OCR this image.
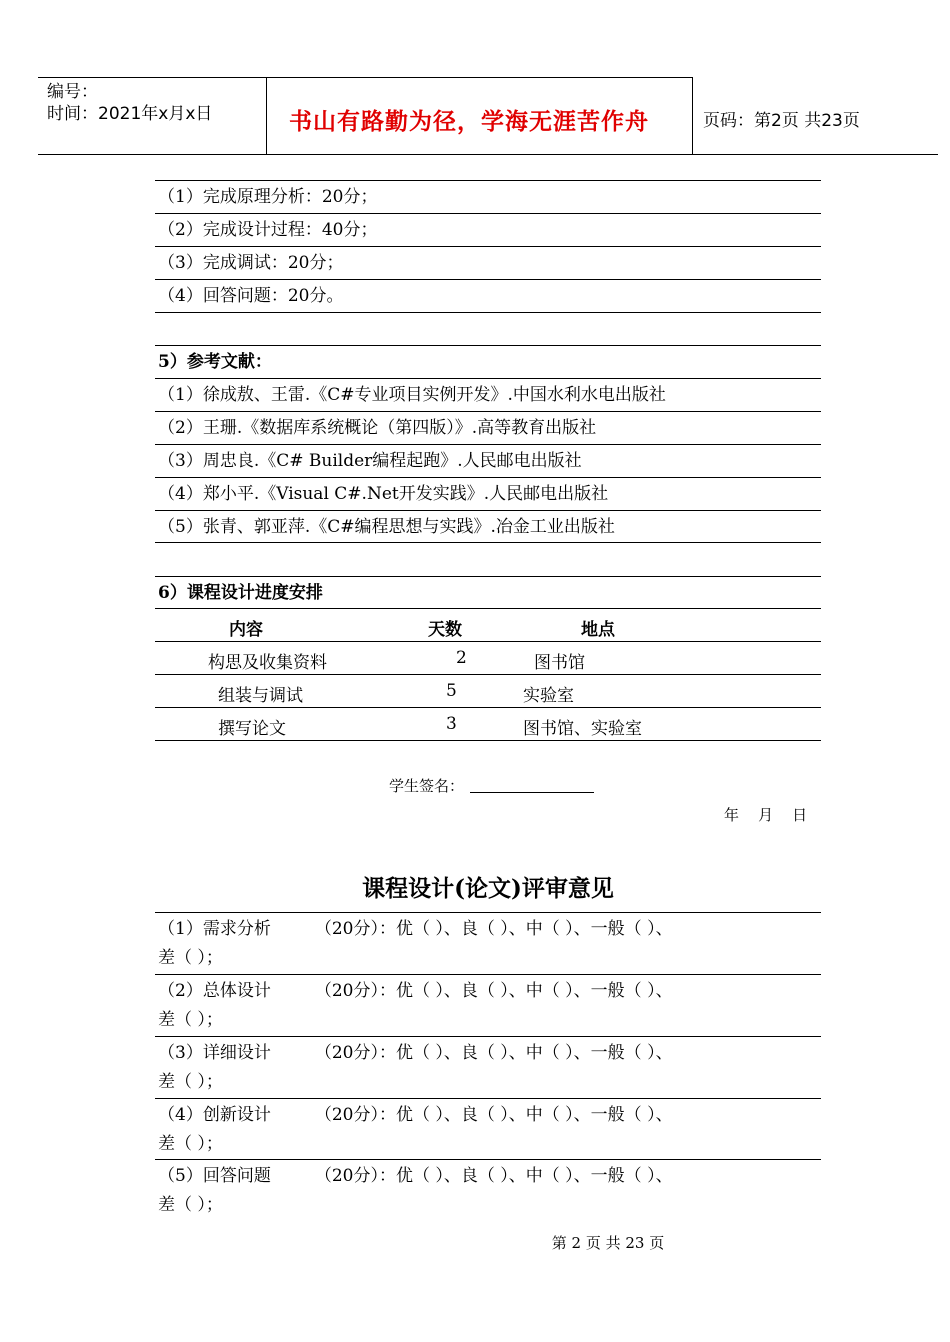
编号：
时间：2021年x月x日	书山有路勤为径，学海无涯苦作舟	页码：第2页 共23页
（1）完成原理分析：20分；
（2）完成设计过程：40分；
（3）完成调试：20分；
（4）回答问题：20分。
5）参考文献：
（1）徐成敖、王雷.《C#专业项目实例开发》.中国水利水电出版社
（2）王珊.《数据库系统概论（第四版）》.高等教育出版社
（3）周忠良.《C# Builder编程起跑》.人民邮电出版社
（4）郑小平.《Visual C#.Net开发实践》.人民邮电出版社
（5）张青、郭亚萍.《C#编程思想与实践》.冶金工业出版社
6）课程设计进度安排
内容	天数	地点
构思及收集资料	2	图书馆
组装与调试	5	实验室
撰写论文	3	图书馆、实验室
学生签名：
年    月    日
课程设计(论文)评审意见
（1）需求分析	（20分）：优（ ）、良（ ）、中（ ）、一般（ ）、
差（ ）；
（2）总体设计	（20分）：优（ ）、良（ ）、中（ ）、一般（ ）、
差（ ）；
（3）详细设计	（20分）：优（ ）、良（ ）、中（ ）、一般（ ）、
差（ ）；
（4）创新设计	（20分）：优（ ）、良（ ）、中（ ）、一般（ ）、
差（ ）；
（5）回答问题	（20分）：优（ ）、良（ ）、中（ ）、一般（ ）、
差（ ）；
第 2 页 共 23 页
